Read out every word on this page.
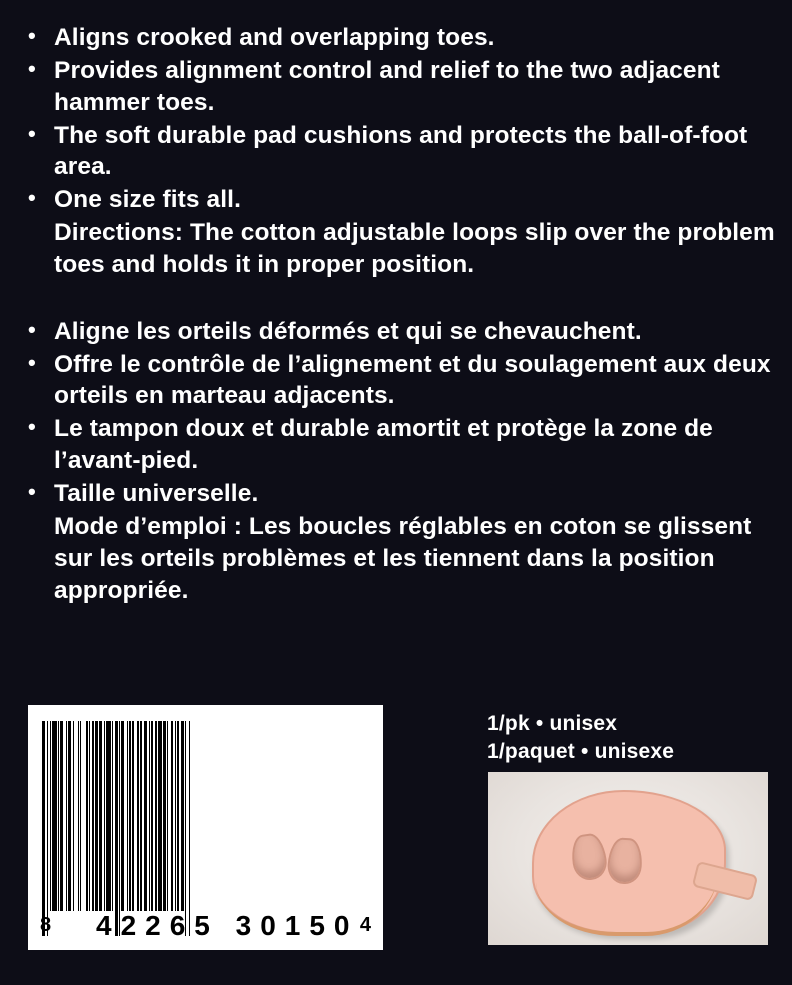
• Aligns crooked and overlapping toes.
• Provides alignment control and relief to the two adjacent hammer toes.
• The soft durable pad cushions and protects the ball-of-foot area.
• One size fits all.
Directions: The cotton adjustable loops slip over the problem toes and holds it in proper position.
• Aligne les orteils déformés et qui se chevauchent.
• Offre le contrôle de l’alignement et du soulagement aux deux orteils en marteau adjacents.
• Le tampon doux et durable amortit et protège la zone de l’avant-pied.
• Taille universelle.
Mode d’emploi : Les boucles réglables en coton se glissent sur les orteils problèmes et les tiennent dans la position appropriée.
8 42265 30150 4
1/pk • unisex
1/paquet • unisexe
